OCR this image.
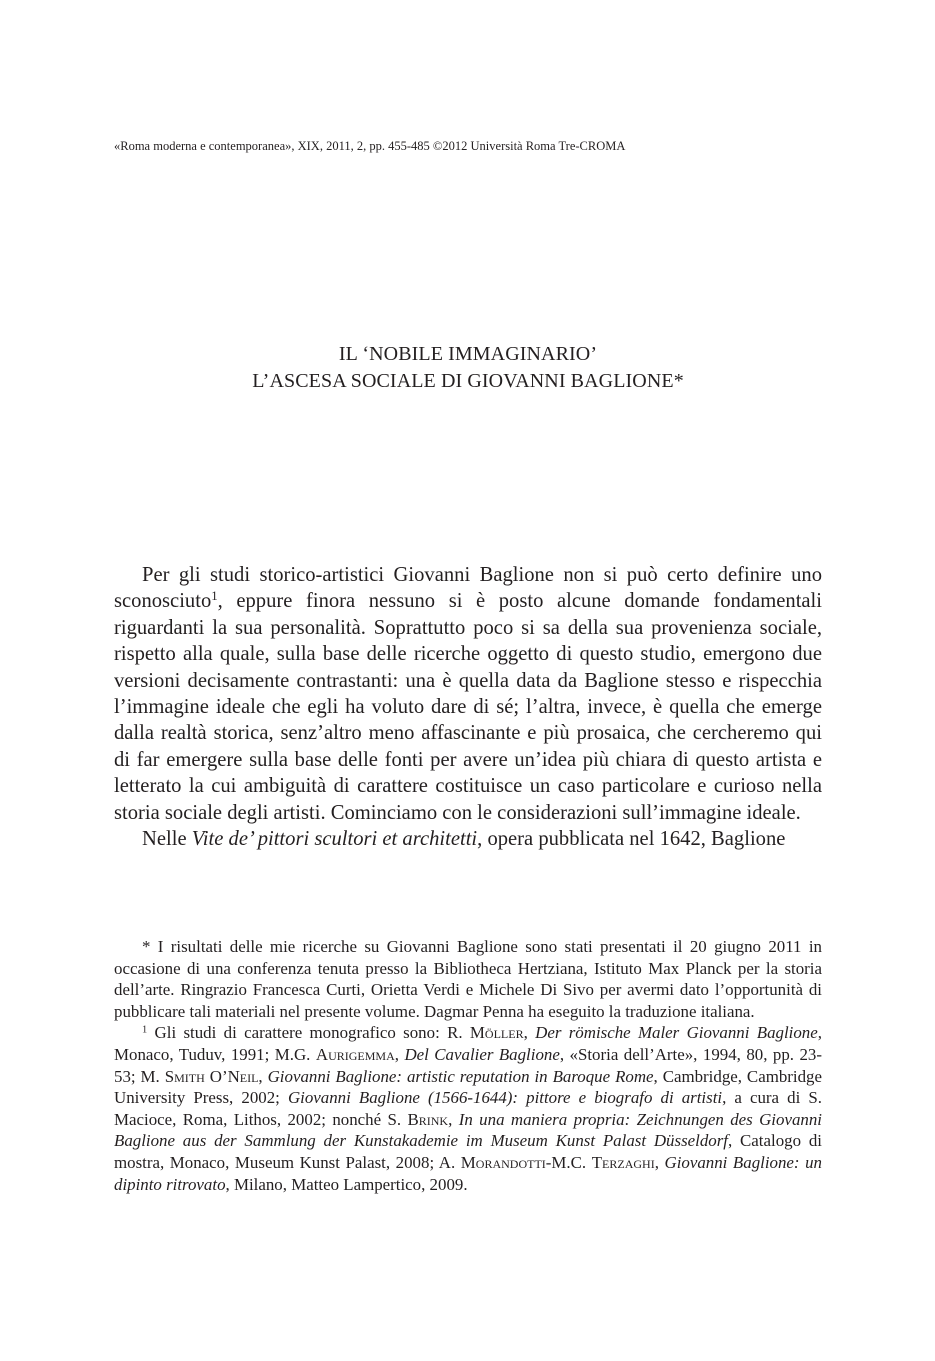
«Roma moderna e contemporanea», XIX, 2011, 2, pp. 455-485 ©2012 Università Roma Tre-CROMA
IL ‘NOBILE IMMAGINARIO’
L’ASCESA SOCIALE DI GIOVANNI BAGLIONE*

Per gli studi storico-artistici Giovanni Baglione non si può certo definire uno sconosciuto$^1$, eppure finora nessuno si è posto alcune domande fondamentali riguardanti la sua personalità. Soprattutto poco si sa della sua provenienza sociale, rispetto alla quale, sulla base delle ricerche oggetto di questo studio, emergono due versioni decisamente contrastanti: una è quella data da Baglione stesso e rispecchia l’immagine ideale che egli ha voluto dare di sé; l’altra, invece, è quella che emerge dalla realtà storica, senz’altro meno affascinante e più prosaica, che cercheremo qui di far emergere sulla base delle fonti per avere un’idea più chiara di questo artista e letterato la cui ambiguità di carattere costituisce un caso particolare e curioso nella storia sociale degli artisti. Cominciamo con le considerazioni sull’immagine ideale.

Nelle Vite de’ pittori scultori et architetti, opera pubblicata nel 1642, Baglione

* I risultati delle mie ricerche su Giovanni Baglione sono stati presentati il 20 giugno 2011 in occasione di una conferenza tenuta presso la Bibliotheca Hertziana, Istituto Max Planck per la storia dell’arte. Ringrazio Francesca Curti, Orietta Verdi e Michele Di Sivo per avermi dato l’opportunità di pubblicare tali materiali nel presente volume. Dagmar Penna ha eseguito la traduzione italiana.

$^1$ Gli studi di carattere monografico sono: R. Möller, Der römische Maler Giovanni Baglione, Monaco, Tuduv, 1991; M.G. Aurigemma, Del Cavalier Baglione, «Storia dell’Arte», 1994, 80, pp. 23-53; M. Smith O’Neil, Giovanni Baglione: artistic reputation in Baroque Rome, Cambridge, Cambridge University Press, 2002; Giovanni Baglione (1566-1644): pittore e biografo di artisti, a cura di S. Macioce, Roma, Lithos, 2002; nonché S. Brink, In una maniera propria: Zeichnungen des Giovanni Baglione aus der Sammlung der Kunstakademie im Museum Kunst Palast Düsseldorf, Catalogo di mostra, Monaco, Museum Kunst Palast, 2008; A. Morandotti-M.C. Terzaghi, Giovanni Baglione: un dipinto ritrovato, Milano, Matteo Lampertico, 2009.
